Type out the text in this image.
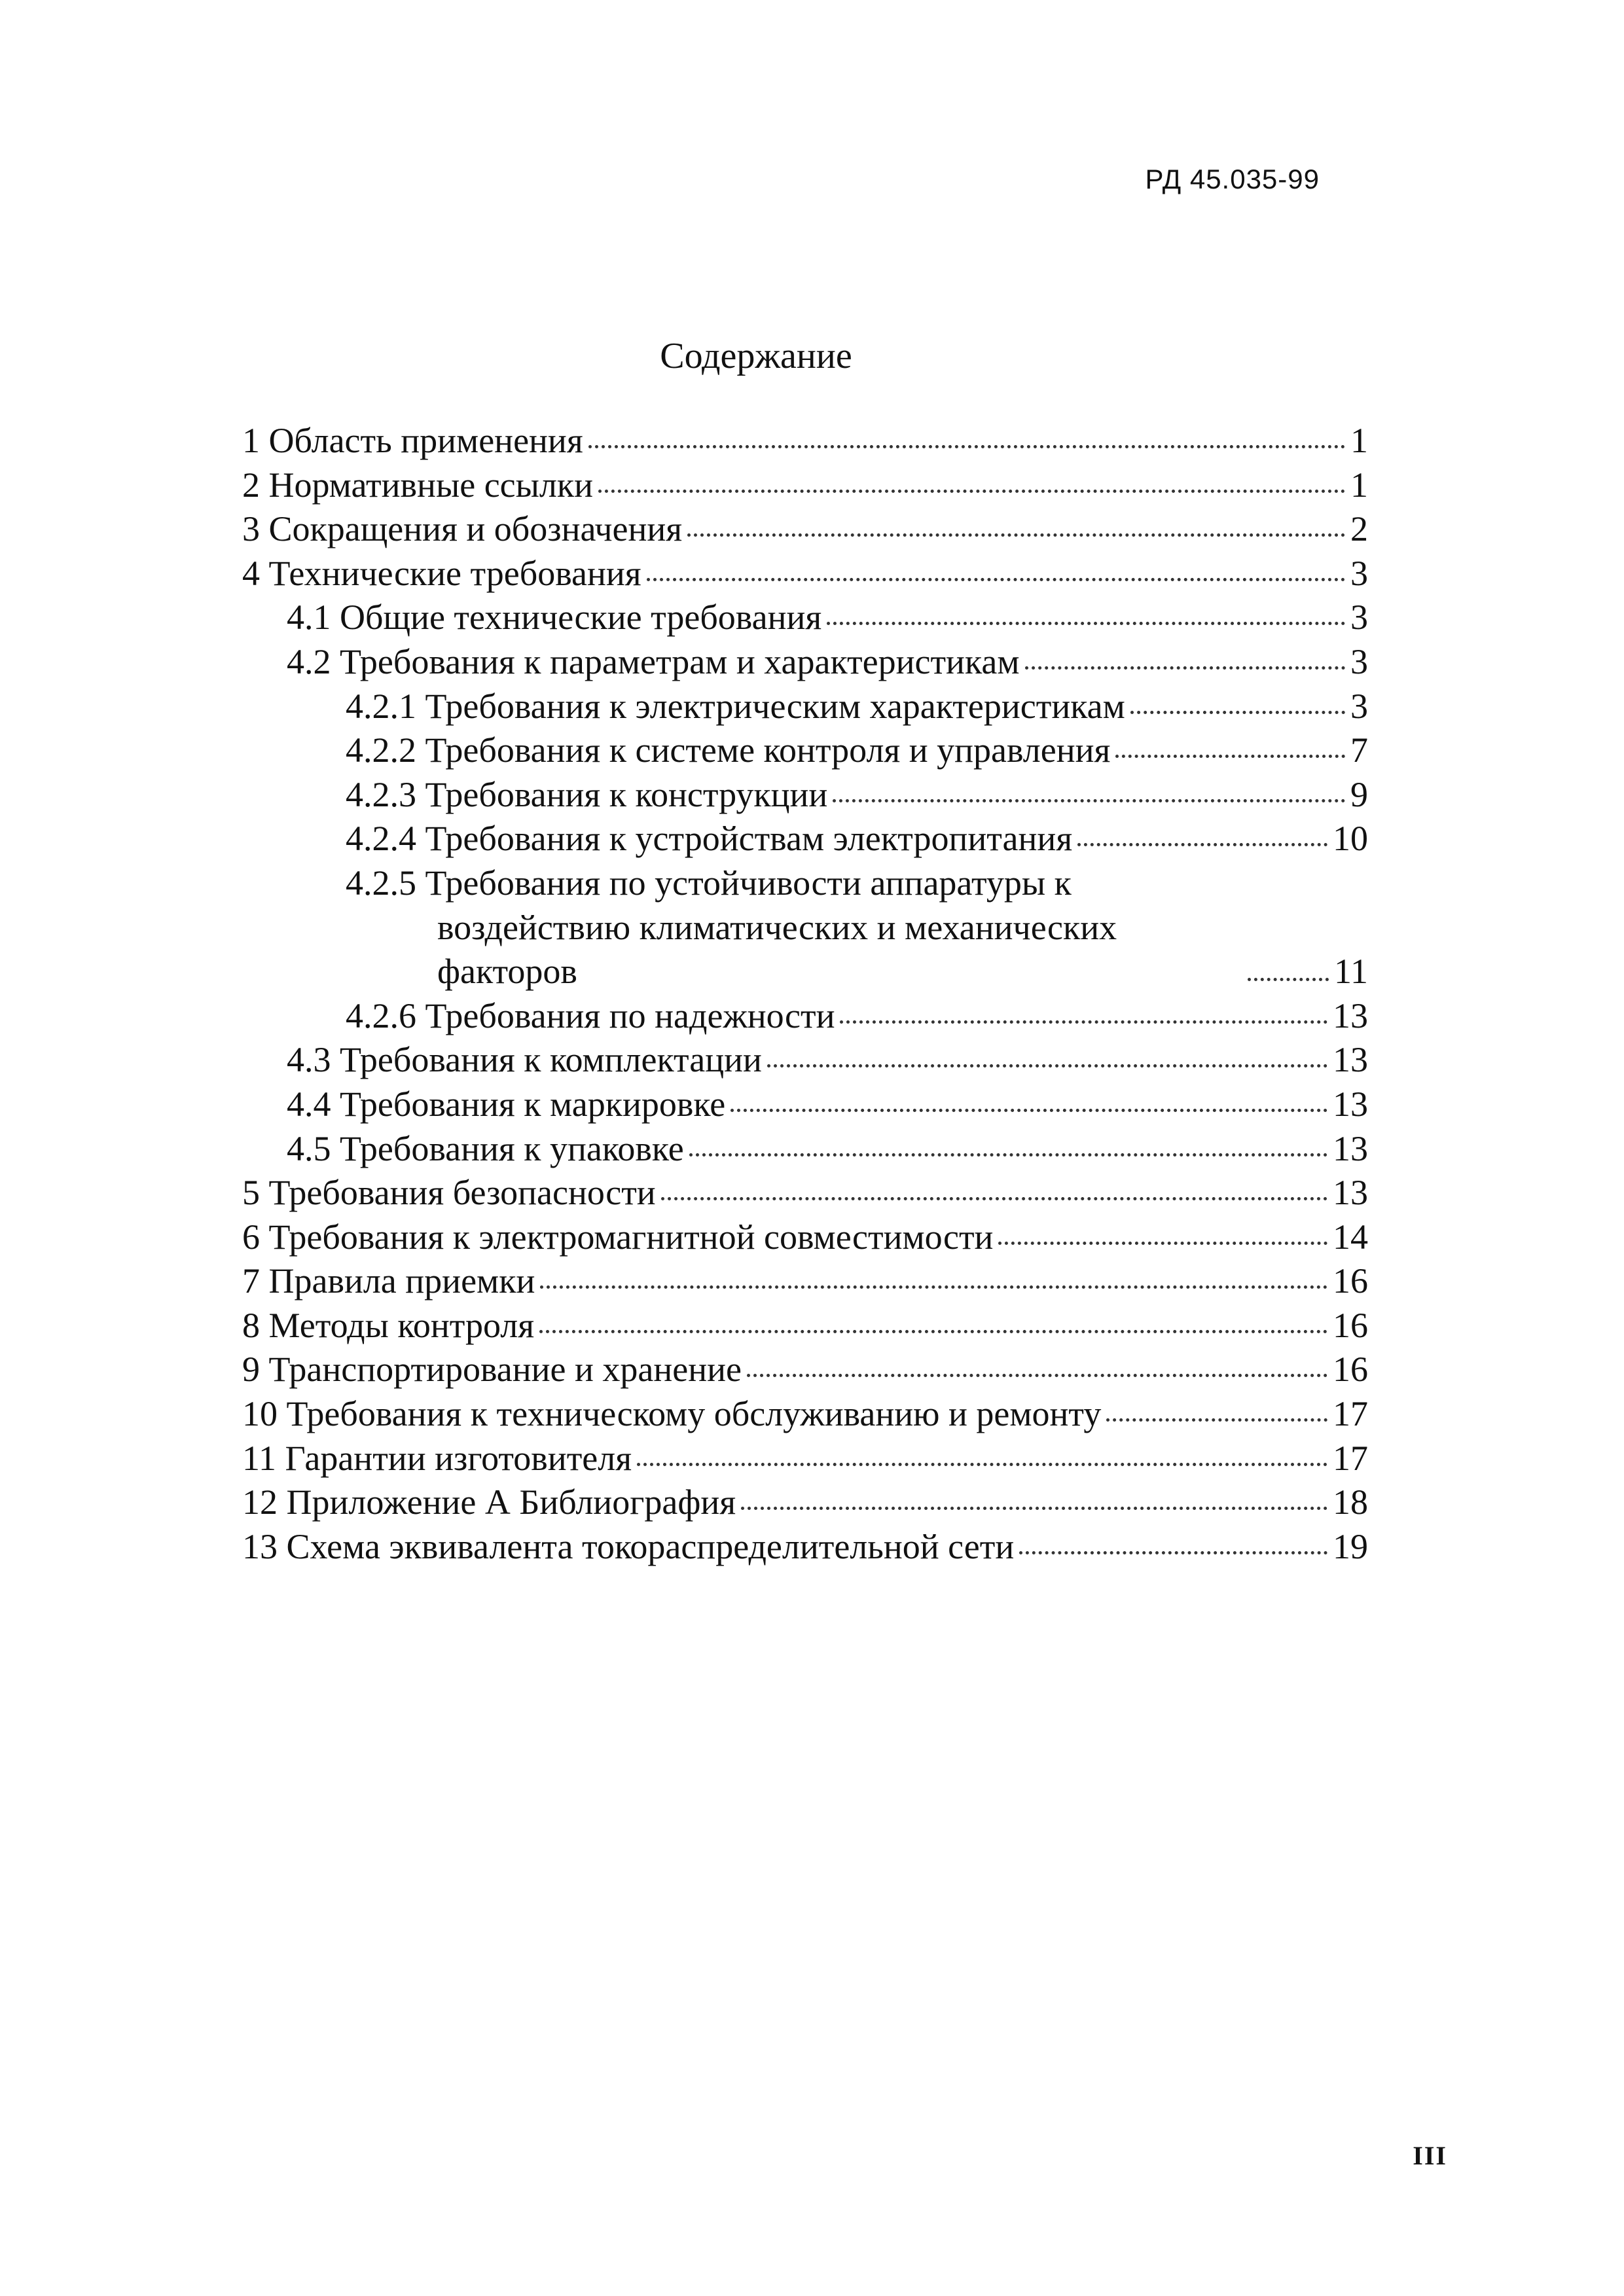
РД 45.035-99
Содержание
1 Область применения	1
2 Нормативные ссылки	1
3 Сокращения и обозначения	2
4 Технические требования	3
4.1 Общие технические требования	3
4.2 Требования к параметрам и характеристикам	3
4.2.1 Требования к электрическим характеристикам	3
4.2.2 Требования к системе контроля и управления	7
4.2.3 Требования к конструкции	9
4.2.4 Требования к устройствам электропитания	10
4.2.5 Требования по устойчивости аппаратуры к воздействию климатических и механических факторов	11
4.2.6 Требования по надежности	13
4.3 Требования к комплектации	13
4.4 Требования к маркировке	13
4.5 Требования к упаковке	13
5 Требования безопасности	13
6 Требования к электромагнитной совместимости	14
7 Правила приемки	16
8 Методы контроля	16
9 Транспортирование и хранение	16
10 Требования к техническому обслуживанию и ремонту	17
11 Гарантии изготовителя	17
12 Приложение А Библиография	18
13 Схема эквивалента токораспределительной сети	19
III
